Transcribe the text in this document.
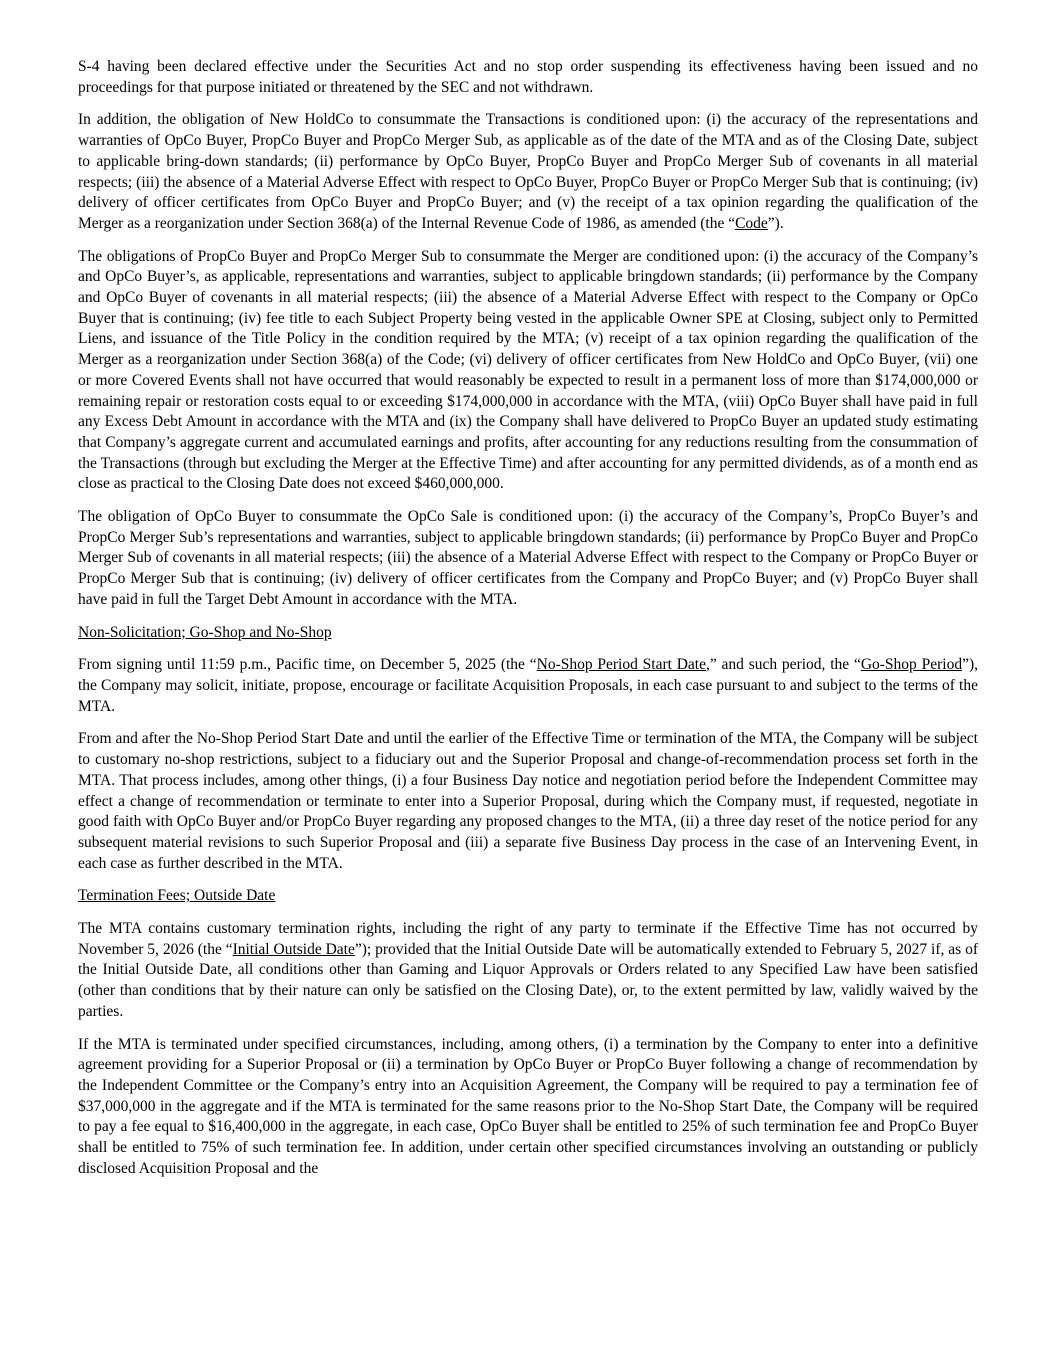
S-4 having been declared effective under the Securities Act and no stop order suspending its effectiveness having been issued and no proceedings for that purpose initiated or threatened by the SEC and not withdrawn.

In addition, the obligation of New HoldCo to consummate the Transactions is conditioned upon: (i) the accuracy of the representations and warranties of OpCo Buyer, PropCo Buyer and PropCo Merger Sub, as applicable as of the date of the MTA and as of the Closing Date, subject to applicable bring-down standards; (ii) performance by OpCo Buyer, PropCo Buyer and PropCo Merger Sub of covenants in all material respects; (iii) the absence of a Material Adverse Effect with respect to OpCo Buyer, PropCo Buyer or PropCo Merger Sub that is continuing; (iv) delivery of officer certificates from OpCo Buyer and PropCo Buyer; and (v) the receipt of a tax opinion regarding the qualification of the Merger as a reorganization under Section 368(a) of the Internal Revenue Code of 1986, as amended (the “Code”).

The obligations of PropCo Buyer and PropCo Merger Sub to consummate the Merger are conditioned upon: (i) the accuracy of the Company’s and OpCo Buyer’s, as applicable, representations and warranties, subject to applicable bringdown standards; (ii) performance by the Company and OpCo Buyer of covenants in all material respects; (iii) the absence of a Material Adverse Effect with respect to the Company or OpCo Buyer that is continuing; (iv) fee title to each Subject Property being vested in the applicable Owner SPE at Closing, subject only to Permitted Liens, and issuance of the Title Policy in the condition required by the MTA; (v) receipt of a tax opinion regarding the qualification of the Merger as a reorganization under Section 368(a) of the Code; (vi) delivery of officer certificates from New HoldCo and OpCo Buyer, (vii) one or more Covered Events shall not have occurred that would reasonably be expected to result in a permanent loss of more than $174,000,000 or remaining repair or restoration costs equal to or exceeding $174,000,000 in accordance with the MTA, (viii) OpCo Buyer shall have paid in full any Excess Debt Amount in accordance with the MTA and (ix) the Company shall have delivered to PropCo Buyer an updated study estimating that Company’s aggregate current and accumulated earnings and profits, after accounting for any reductions resulting from the consummation of the Transactions (through but excluding the Merger at the Effective Time) and after accounting for any permitted dividends, as of a month end as close as practical to the Closing Date does not exceed $460,000,000.

The obligation of OpCo Buyer to consummate the OpCo Sale is conditioned upon: (i) the accuracy of the Company’s, PropCo Buyer’s and PropCo Merger Sub’s representations and warranties, subject to applicable bringdown standards; (ii) performance by PropCo Buyer and PropCo Merger Sub of covenants in all material respects; (iii) the absence of a Material Adverse Effect with respect to the Company or PropCo Buyer or PropCo Merger Sub that is continuing; (iv) delivery of officer certificates from the Company and PropCo Buyer; and (v) PropCo Buyer shall have paid in full the Target Debt Amount in accordance with the MTA.

Non-Solicitation; Go-Shop and No-Shop

From signing until 11:59 p.m., Pacific time, on December 5, 2025 (the “No-Shop Period Start Date,” and such period, the “Go-Shop Period”), the Company may solicit, initiate, propose, encourage or facilitate Acquisition Proposals, in each case pursuant to and subject to the terms of the MTA.

From and after the No-Shop Period Start Date and until the earlier of the Effective Time or termination of the MTA, the Company will be subject to customary no-shop restrictions, subject to a fiduciary out and the Superior Proposal and change-of-recommendation process set forth in the MTA. That process includes, among other things, (i) a four Business Day notice and negotiation period before the Independent Committee may effect a change of recommendation or terminate to enter into a Superior Proposal, during which the Company must, if requested, negotiate in good faith with OpCo Buyer and/or PropCo Buyer regarding any proposed changes to the MTA, (ii) a three day reset of the notice period for any subsequent material revisions to such Superior Proposal and (iii) a separate five Business Day process in the case of an Intervening Event, in each case as further described in the MTA.

Termination Fees; Outside Date

The MTA contains customary termination rights, including the right of any party to terminate if the Effective Time has not occurred by November 5, 2026 (the “Initial Outside Date”); provided that the Initial Outside Date will be automatically extended to February 5, 2027 if, as of the Initial Outside Date, all conditions other than Gaming and Liquor Approvals or Orders related to any Specified Law have been satisfied (other than conditions that by their nature can only be satisfied on the Closing Date), or, to the extent permitted by law, validly waived by the parties.

If the MTA is terminated under specified circumstances, including, among others, (i) a termination by the Company to enter into a definitive agreement providing for a Superior Proposal or (ii) a termination by OpCo Buyer or PropCo Buyer following a change of recommendation by the Independent Committee or the Company’s entry into an Acquisition Agreement, the Company will be required to pay a termination fee of $37,000,000 in the aggregate and if the MTA is terminated for the same reasons prior to the No-Shop Start Date, the Company will be required to pay a fee equal to $16,400,000 in the aggregate, in each case, OpCo Buyer shall be entitled to 25% of such termination fee and PropCo Buyer shall be entitled to 75% of such termination fee. In addition, under certain other specified circumstances involving an outstanding or publicly disclosed Acquisition Proposal and the
